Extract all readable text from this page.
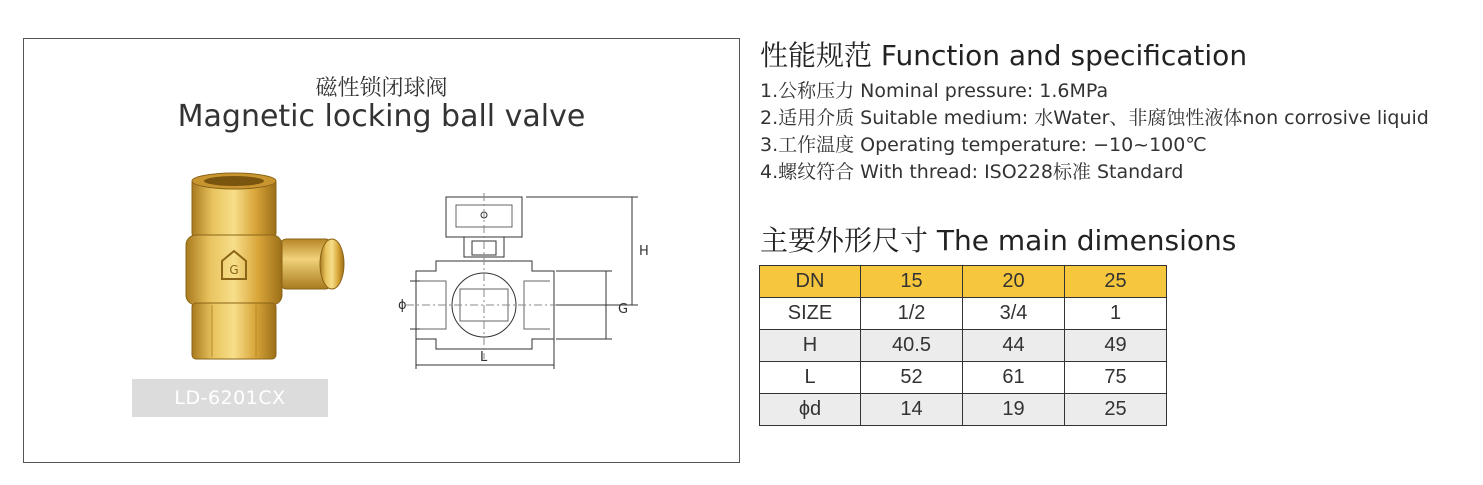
磁性锁闭球阀
Magnetic locking ball valve
G
ϕ	G
H
L
LD-6201CX
性能规范 Function and specification
1.公称压力 Nominal pressure: 1.6MPa
2.适用介质 Suitable medium: 水Water、非腐蚀性液体non corrosive liquid
3.工作温度 Operating temperature: −10~100℃
4.螺纹符合 With thread: ISO228标准 Standard
主要外形尺寸 The main dimensions
DN	15	20	25
SIZE	1/2	3/4	1
H	40.5	44	49
L	52	61	75
ϕd	14	19	25
